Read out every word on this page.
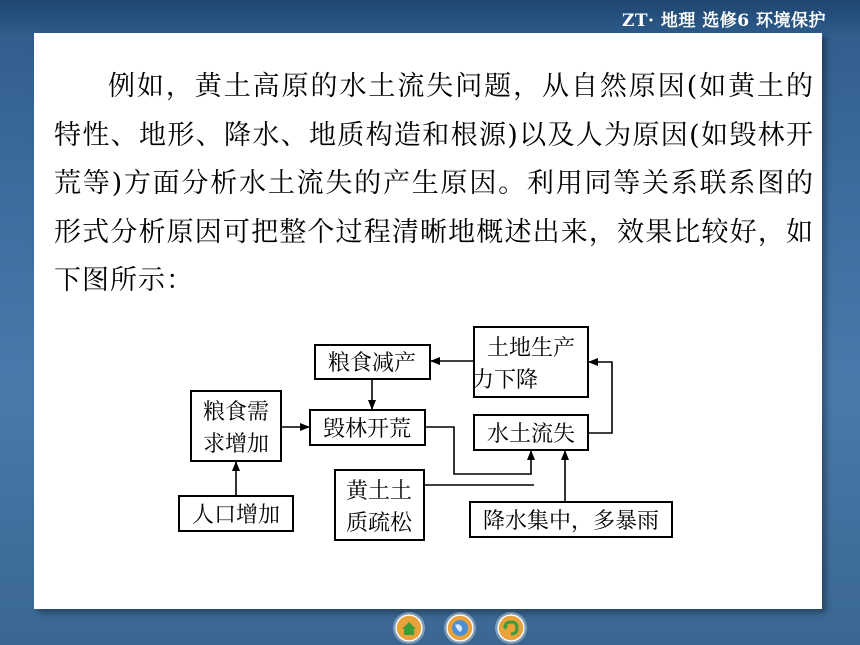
ZT· 地理 选修6 环境保护

例如，黄土高原的水土流失问题，从自然原因(如黄土的特性、地形、降水、地质构造和根源)以及人为原因(如毁林开荒等)方面分析水土流失的产生原因。利用同等关系联系图的形式分析原因可把整个过程清晰地概述出来，效果比较好，如下图所示：

粮食减产
土地生产
力下降
粮食需
求增加
毁林开荒	水土流失
黄土土
质疏松
人口增加	降水集中，多暴雨
